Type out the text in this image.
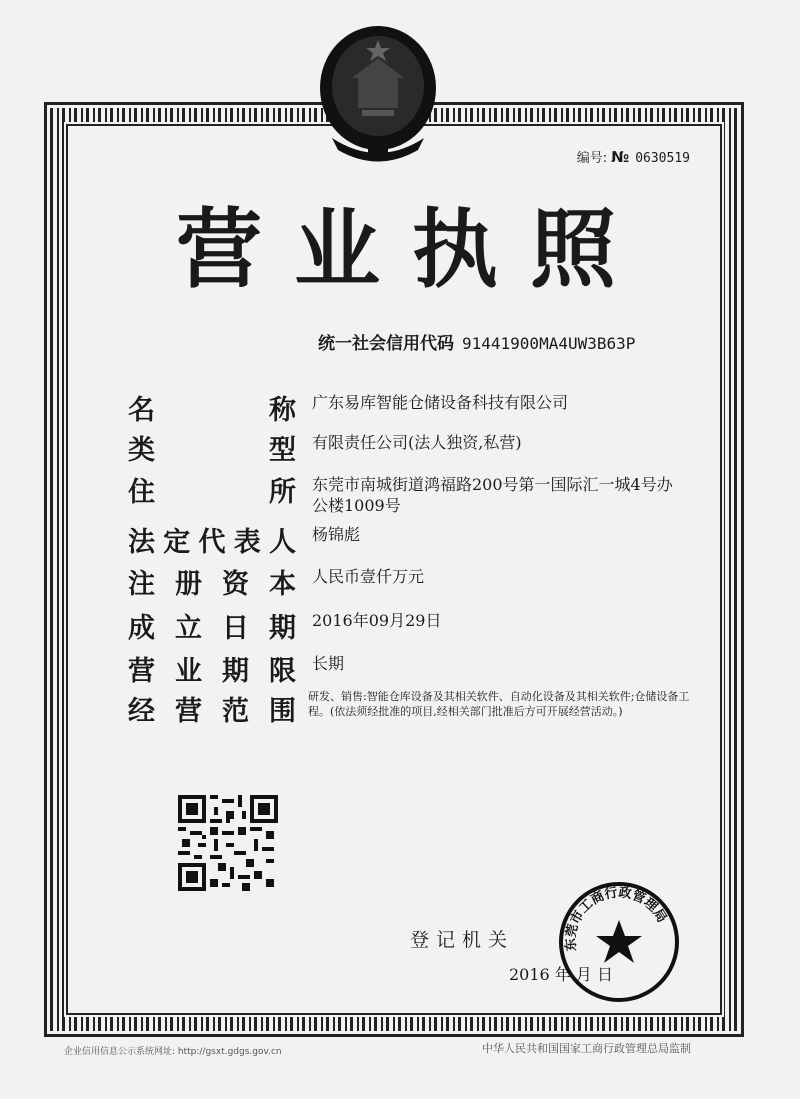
编号: № 0630519
营业执照
统一社会信用代码 91441900MA4UW3B63P
名	称 广东易库智能仓储设备科技有限公司
类	型 有限责任公司(法人独资,私营)
住	所 东莞市南城街道鸿福路200号第一国际汇一城4号办公楼1009号
法 定 代 表 人 杨锦彪
注 册 资 本 人民币壹仟万元
成 立 日 期 2016年09月29日
营 业 期 限 长期
经 营 范 围 研发、销售:智能仓库设备及其相关软件、自动化设备及其相关软件;仓储设备工程。(依法须经批准的项目,经相关部门批准后方可开展经营活动。)
登记机关
2016 年 月 日
东莞市工商行政管理局
企业信用信息公示系统网址: http://gsxt.gdgs.gov.cn	中华人民共和国国家工商行政管理总局监制
